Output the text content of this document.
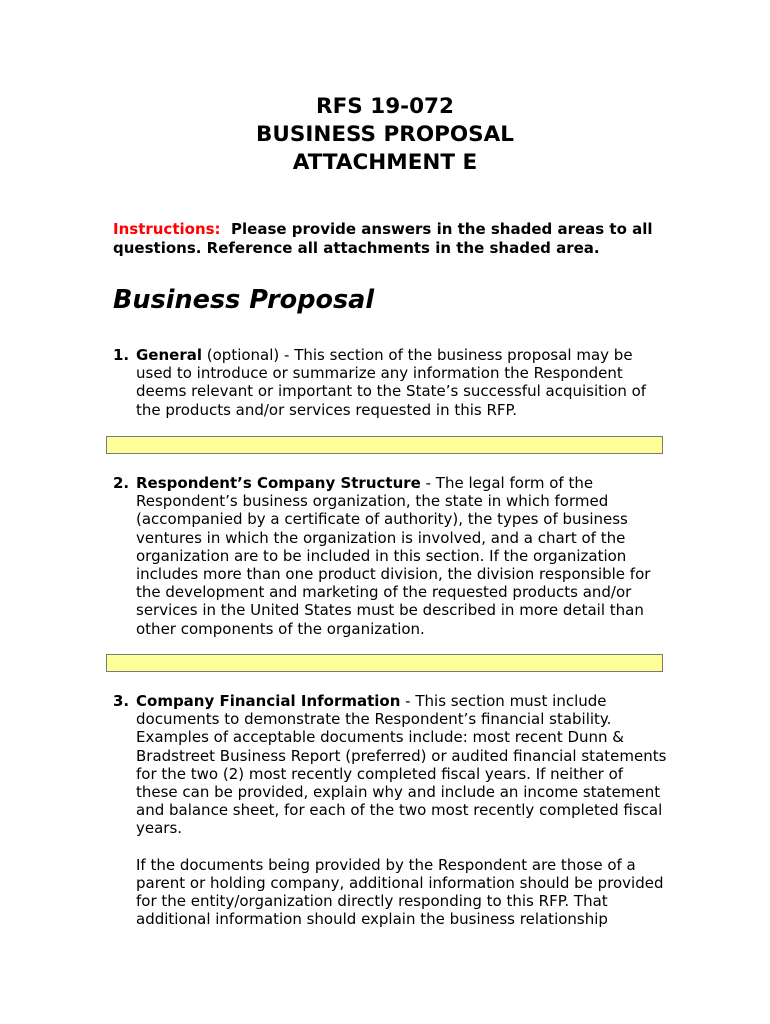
RFS 19-072
BUSINESS PROPOSAL
ATTACHMENT E
Instructions: Please provide answers in the shaded areas to all questions. Reference all attachments in the shaded area.
Business Proposal
1. General (optional) - This section of the business proposal may be used to introduce or summarize any information the Respondent deems relevant or important to the State’s successful acquisition of the products and/or services requested in this RFP.
2. Respondent’s Company Structure - The legal form of the Respondent’s business organization, the state in which formed (accompanied by a certificate of authority), the types of business ventures in which the organization is involved, and a chart of the organization are to be included in this section. If the organization includes more than one product division, the division responsible for the development and marketing of the requested products and/or services in the United States must be described in more detail than other components of the organization.
3. Company Financial Information - This section must include documents to demonstrate the Respondent’s financial stability. Examples of acceptable documents include: most recent Dunn & Bradstreet Business Report (preferred) or audited financial statements for the two (2) most recently completed fiscal years. If neither of these can be provided, explain why and include an income statement and balance sheet, for each of the two most recently completed fiscal years.
If the documents being provided by the Respondent are those of a parent or holding company, additional information should be provided for the entity/organization directly responding to this RFP. That additional information should explain the business relationship
